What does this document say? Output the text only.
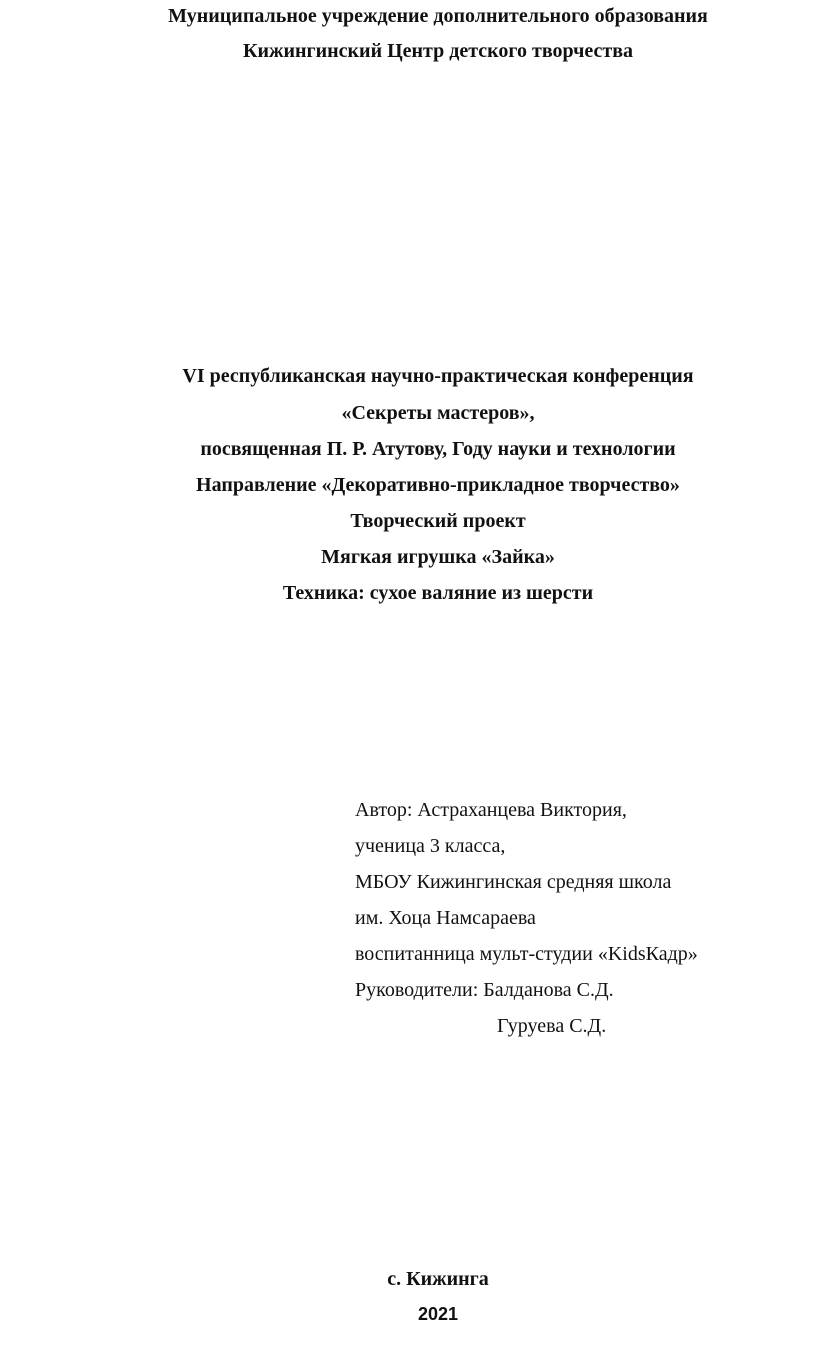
Муниципальное учреждение дополнительного образования
Кижингинский Центр детского творчества
VI республиканская научно-практическая конференция
«Секреты мастеров»,
посвященная П. Р. Атутову, Году науки и технологии
Направление «Декоративно-прикладное творчество»
Творческий проект
Мягкая игрушка «Зайка»
Техника: сухое валяние из шерсти
Автор: Астраханцева Виктория,
ученица 3 класса,
МБОУ Кижингинская средняя школа
им. Хоца Намсараева
воспитанница мульт-студии «KidsКадр»
Руководители: Балданова С.Д.
Гуруева С.Д.
с. Кижинга
2021
